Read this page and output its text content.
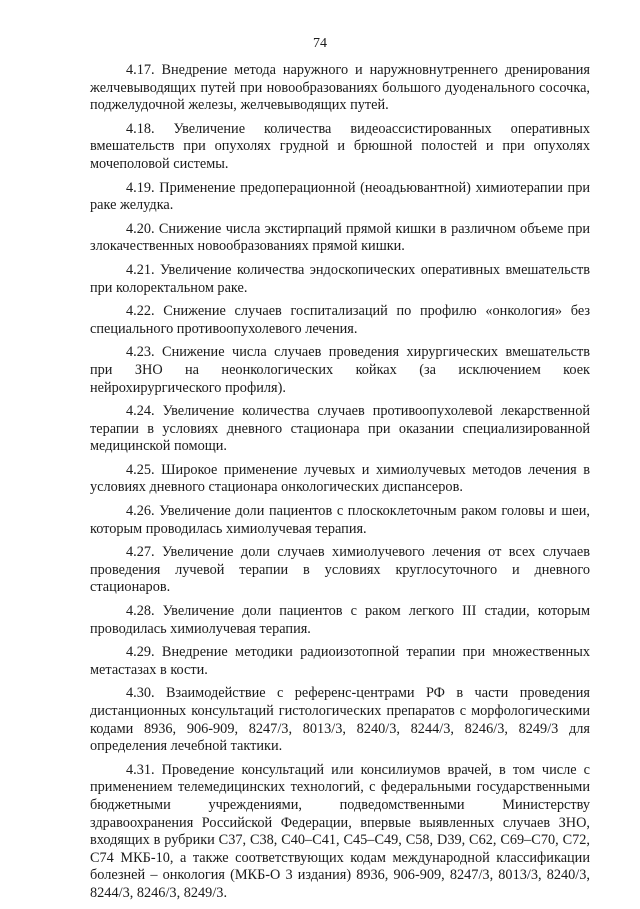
74

4.17. Внедрение метода наружного и наружновнутреннего дренирования желчевыводящих путей при новообразованиях большого дуоденального сосочка, поджелудочной железы, желчевыводящих путей.

4.18. Увеличение количества видеоассистированных оперативных вмешательств при опухолях грудной и брюшной полостей и при опухолях мочеполовой системы.

4.19. Применение предоперационной (неоадьювантной) химиотерапии при раке желудка.

4.20. Снижение числа экстирпаций прямой кишки в различном объеме при злокачественных новообразованиях прямой кишки.

4.21. Увеличение количества эндоскопических оперативных вмешательств при колоректальном раке.

4.22. Снижение случаев госпитализаций по профилю «онкология» без специального противоопухолевого лечения.

4.23. Снижение числа случаев проведения хирургических вмешательств при ЗНО на неонкологических койках (за исключением коек нейрохирургического профиля).

4.24. Увеличение количества случаев противоопухолевой лекарственной терапии в условиях дневного стационара при оказании специализированной медицинской помощи.

4.25. Широкое применение лучевых и химиолучевых методов лечения в условиях дневного стационара онкологических диспансеров.

4.26. Увеличение доли пациентов с плоскоклеточным раком головы и шеи, которым проводилась химиолучевая терапия.

4.27. Увеличение доли случаев химиолучевого лечения от всех случаев проведения лучевой терапии в условиях круглосуточного и дневного стационаров.

4.28. Увеличение доли пациентов с раком легкого III стадии, которым проводилась химиолучевая терапия.

4.29. Внедрение методики радиоизотопной терапии при множественных метастазах в кости.

4.30. Взаимодействие с референс-центрами РФ в части проведения дистанционных консультаций гистологических препаратов с морфологическими кодами 8936, 906-909, 8247/3, 8013/3, 8240/3, 8244/3, 8246/3, 8249/3 для определения лечебной тактики.

4.31. Проведение консультаций или консилиумов врачей, в том числе с применением телемедицинских технологий, с федеральными государственными бюджетными учреждениями, подведомственными Министерству здравоохранения Российской Федерации, впервые выявленных случаев ЗНО, входящих в рубрики С37, С38, С40–С41, С45–С49, С58, D39, С62, С69–С70, С72, С74 МКБ-10, а также соответствующих кодам международной классификации болезней – онкология (МКБ-О 3 издания) 8936, 906-909, 8247/3, 8013/3, 8240/3, 8244/3, 8246/3, 8249/3.
